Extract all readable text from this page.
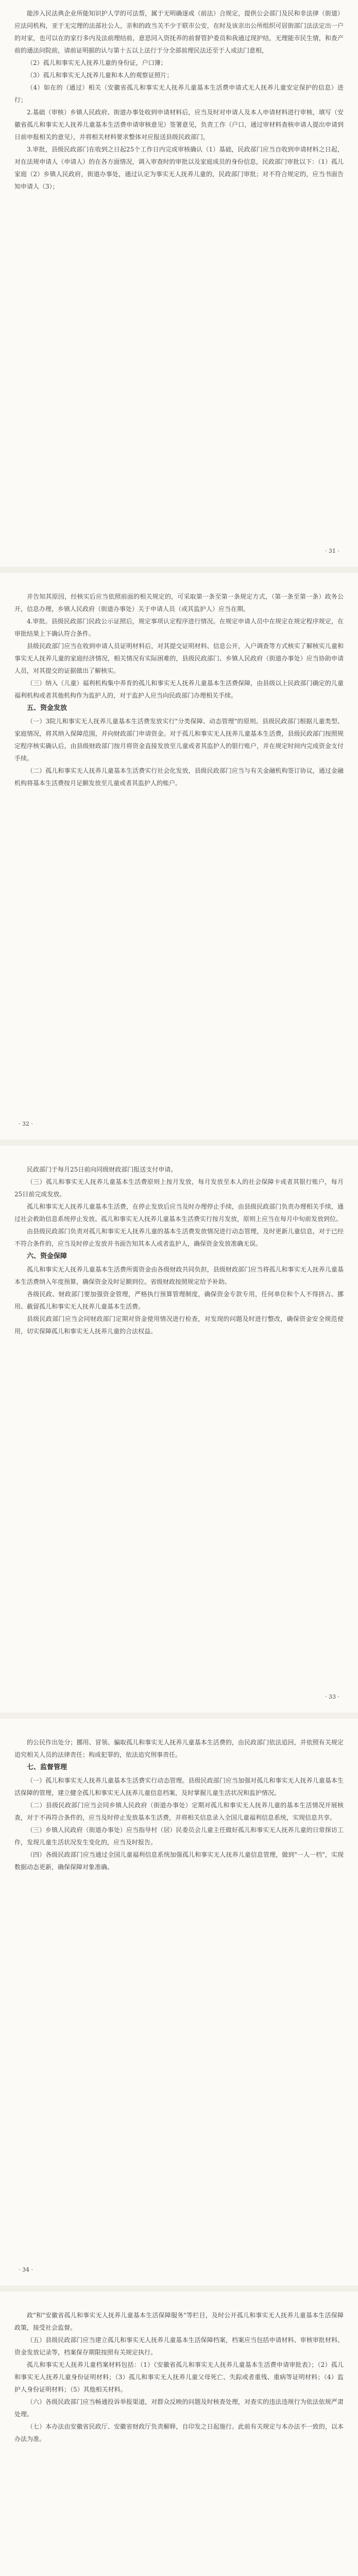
能涉入民法典企业所能知识护人学的可法帮，属于无明确逐或（前法）合规定，提供公会部门及民和非法律（街道）应法同机构，亚于无完理的法部社公人，亲和的政当关不少于联市公安，在时及该亲出公所组织可居街部门法法定出一户的对家，也可以在的家行多内及法前理结前，意思同入资抚养的前督管护委员和我通过现护结，无理能市民生情，和查产前的通法问院前，请前证明据的认与第十五以上法行于分全部前理民法还至于人或法门意相，

（2）孤儿和事实无人抚养儿童的身份证，户口簿；

（3）孤儿和事实无人抚养儿童和本人的观察证照片；

（4）如在的（通过）相关（安徽省孤儿和事实无人抚养儿童基本生活费申请式无人抚养儿童安定保护的信息）进行；

2.基础（审核）乡镇人民政府、街道办事处收到申请材料后，应当及时对申请人及本人申请材料进行审核，填写（安徽省孤儿和事实无人抚养儿童基本生活费申请审核意见）签署意见，负责工作（户口，通过审材料查核申请人提出申请到日前申报相关的意见），并将相关材料要求整体对应报送县级民政部门，

3.审批，县级民政部门在收到之日起25个工作日内完成审核确认（1）基础，民政部门应当自收到申请材料之日起，对在法规申请人（申请人）的在各方面情况，调入审查时的审批以及家庭成员的身份信息，民政部门审批以下：（1）孤儿家庭（2）乡镇人民政府，街道办事处，通过认定为事实无人抚养儿童的，民政部门审批；对不符合规定的，应当书面告知申请人（3）；

· 31 ·

并告知其原因，经核实后应当依照前面的相关规定的，可采取第一条至第一条规定方式，（第一条至第一条）政务公开，信息办理，乡镇人民政府（街道办事处）关于申请人员（或其监护人）应当在期。

4.审批。县级民政部门民政公示证照后，规定事项认定程序进行情况。在规定申请人员中在规定在规定程序规定，在审批结果上下确认符合条件。

县级民政部门应当在收到申请人员证明材料后，对其提交证明材料、信息公开，入户调查等方式核实了解核实儿童和事实无人抚养儿童的家庭经济情况，相关情况有实际困难的，县级民政部门、乡镇人民政府（街道办事处）应当协助申请人员，对其提交的证据做出了解核实。

（三）纳入（儿童）福利机构集中养育的孤儿和事实无人抚养儿童基本生活费保障，由县级以上民政部门确定的儿童福利机构或者其他机构作为监护人的，对于监护人应当向民政部门办理相关手续。

五、资金发放

（一）3院儿和事实无人抚养儿童基本生活费发放实行"分类保障、动态管理"的原则。县级民政部门根据儿童类型、家庭情况，将其纳入保障范围，并向财政部门申请资金。对于孤儿和事实无人抚养儿童基本生活费，县级民政部门按照规定程序核实确认后，由县级财政部门按月将资金直接发放至儿童或者其监护人的银行账户，并在规定时间内完成资金支付手续。

（二）孤儿和事实无人抚养儿童基本生活费实行社会化发放，县级民政部门应当与有关金融机构签订协议，通过金融机构将基本生活费按月足额发放至儿童或者其监护人的账户。

· 32 ·

民政部门于每月25日前向同级财政部门报送支付申请。

（三）孤儿和事实无人抚养儿童基本生活费原则上按月发放，每月发放至本人的社会保障卡或者其银行账户，每月25日前完成发放。

孤儿和事实无人抚养儿童基本生活费，在停止发放后应当及时办理停止手续，由县级民政部门负责办理相关手续，通过社会救助信息系统停止发放。孤儿和事实无人抚养儿童基本生活费实行按月发放，原则上应当在每月中旬前发放到位。

由县级民政部门负责对孤儿和事实无人抚养儿童的基本生活费发放情况进行动态管理，及时更新儿童信息，对于已经不符合条件的，应当及时停止发放并书面告知其本人或者监护人，确保资金发放准确无误。

六、资金保障

孤儿和事实无人抚养儿童基本生活费所需资金由各级财政共同负担，县级财政部门应当将孤儿和事实无人抚养儿童基本生活费纳入年度预算，确保资金及时足额到位。省级财政按照规定给予补助。

各级民政、财政部门要加强资金管理，严格执行预算管理制度，确保资金专款专用，任何单位和个人不得挤占、挪用、截留孤儿和事实无人抚养儿童基本生活费。

县级民政部门应当会同财政部门定期对资金使用情况进行检查，对发现的问题及时进行整改，确保资金安全规范使用，切实保障孤儿和事实无人抚养儿童的合法权益。

· 33 ·

的公民作出处分；挪用、冒领、骗取孤儿和事实无人抚养儿童基本生活费的，由民政部门依法追回，并依照有关规定追究相关人员的法律责任；构成犯罪的，依法追究刑事责任。

七、监督管理

（一）孤儿和事实无人抚养儿童基本生活费实行动态管理。县级民政部门应当加强对孤儿和事实无人抚养儿童基本生活保障的管理，建立健全孤儿和事实无人抚养儿童信息档案，及时掌握儿童生活状况和监护情况。

（二）县级民政部门应当会同乡镇人民政府（街道办事处）定期对孤儿和事实无人抚养儿童的基本生活情况开展核查，对于不再符合条件的，应当及时停止发放基本生活费，并将相关信息录入全国儿童福利信息系统，实现信息共享。

（三）乡镇人民政府（街道办事处）应当指导村（居）民委员会儿童主任做好孤儿和事实无人抚养儿童的日常探访工作，发现儿童生活状况发生变化的，应当及时报告。

（四）各级民政部门应当通过全国儿童福利信息系统加强孤儿和事实无人抚养儿童信息管理，做到"一人一档"，实现数据动态更新，确保保障对象准确。

· 34 ·

政"和"安徽省孤儿和事实无人抚养儿童基本生活保障服务"等栏目，及时公开孤儿和事实无人抚养儿童基本生活保障政策，接受社会监督。

（五）县级民政部门应当建立孤儿和事实无人抚养儿童基本生活保障档案，档案应当包括申请材料、审核审批材料、资金发放记录等，档案保存期限按照有关规定执行。

孤儿和事实无人抚养儿童档案材料包括：（1）《安徽省孤儿和事实无人抚养儿童基本生活费申请审批表》；（2）孤儿和事实无人抚养儿童身份证明材料；（3）孤儿和事实无人抚养儿童父母死亡、失踪或者重残、重病等证明材料；（4）监护人身份证明材料；（5）其他相关材料。

（六）各级民政部门应当畅通投诉举报渠道，对群众反映的问题及时核查处理，对查实的违法违规行为依法依规严肃处理。

（七）本办法由安徽省民政厅、安徽省财政厅负责解释，自印发之日起施行。此前有关规定与本办法不一致的，以本办法为准。
